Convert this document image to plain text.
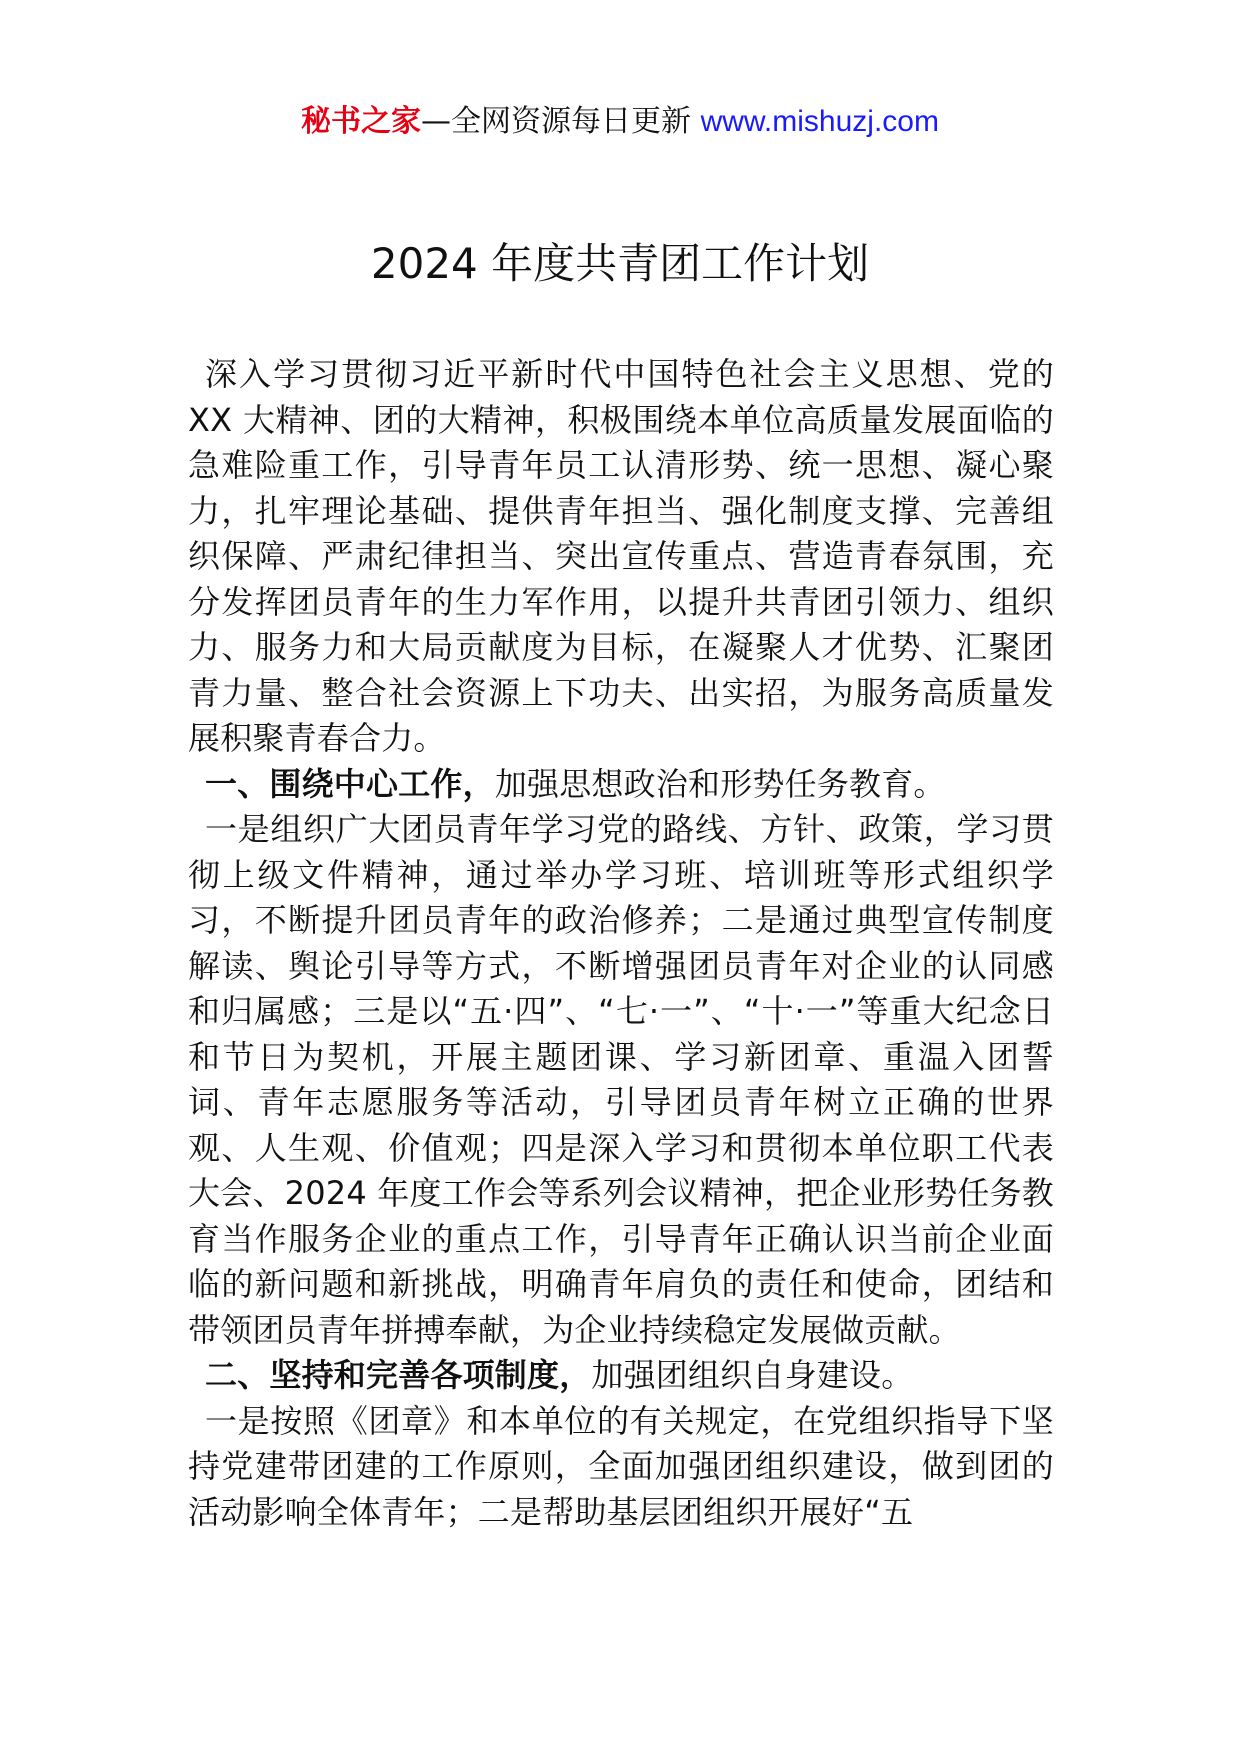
秘书之家—全网资源每日更新 www.mishuzj.com
2024 年度共青团工作计划

深入学习贯彻习近平新时代中国特色社会主义思想、党的XX 大精神、团的大精神，积极围绕本单位高质量发展面临的急难险重工作，引导青年员工认清形势、统一思想、凝心聚力，扎牢理论基础、提供青年担当、强化制度支撑、完善组织保障、严肃纪律担当、突出宣传重点、营造青春氛围，充分发挥团员青年的生力军作用，以提升共青团引领力、组织力、服务力和大局贡献度为目标，在凝聚人才优势、汇聚团青力量、整合社会资源上下功夫、出实招，为服务高质量发展积聚青春合力。

一、围绕中心工作，加强思想政治和形势任务教育。

一是组织广大团员青年学习党的路线、方针、政策，学习贯彻上级文件精神，通过举办学习班、培训班等形式组织学习，不断提升团员青年的政治修养；二是通过典型宣传制度解读、舆论引导等方式，不断增强团员青年对企业的认同感和归属感；三是以“五·四”、“七·一”、“十·一”等重大纪念日和节日为契机，开展主题团课、学习新团章、重温入团誓词、青年志愿服务等活动，引导团员青年树立正确的世界观、人生观、价值观；四是深入学习和贯彻本单位职工代表大会、2024 年度工作会等系列会议精神，把企业形势任务教育当作服务企业的重点工作，引导青年正确认识当前企业面临的新问题和新挑战，明确青年肩负的责任和使命，团结和带领团员青年拼搏奉献，为企业持续稳定发展做贡献。

二、坚持和完善各项制度，加强团组织自身建设。

一是按照《团章》和本单位的有关规定，在党组织指导下坚持党建带团建的工作原则，全面加强团组织建设，做到团的活动影响全体青年；二是帮助基层团组织开展好“五
